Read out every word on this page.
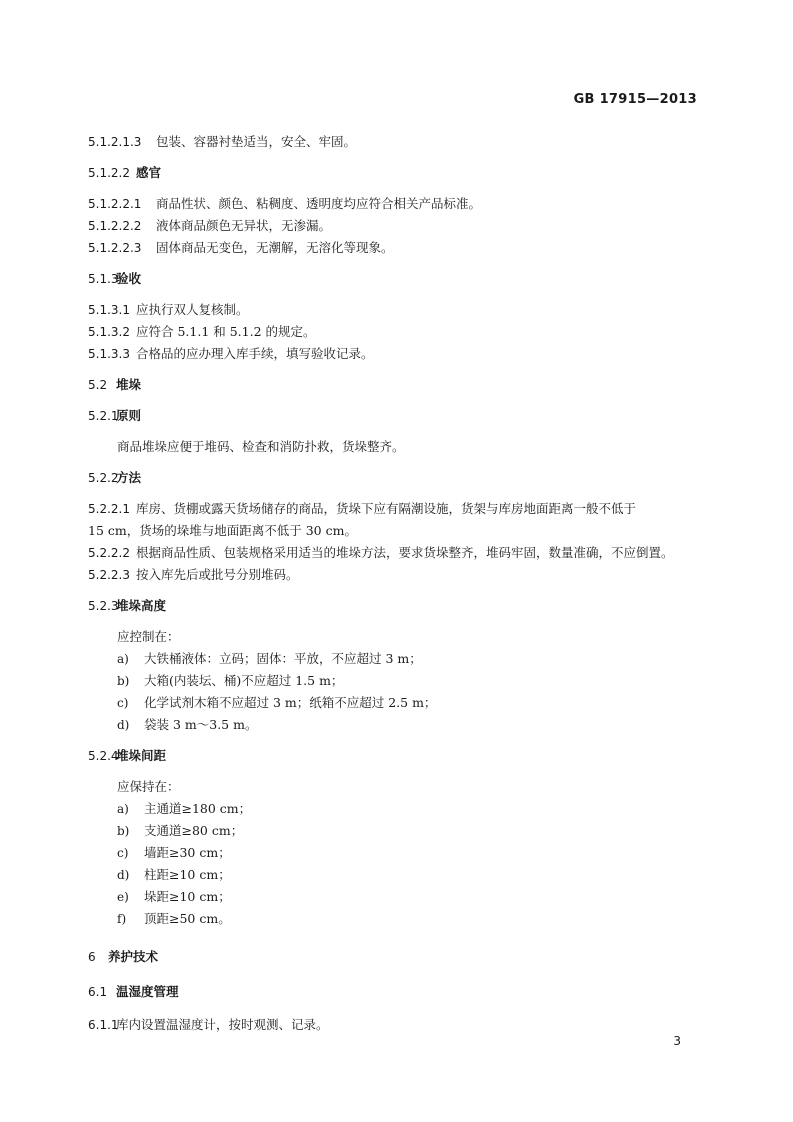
GB 17915—2013
5.1.2.1.3 包装、容器衬垫适当，安全、牢固。
5.1.2.2 感官
5.1.2.2.1 商品性状、颜色、粘稠度、透明度均应符合相关产品标准。
5.1.2.2.2 液体商品颜色无异状，无渗漏。
5.1.2.2.3 固体商品无变色，无潮解，无溶化等现象。
5.1.3验收
5.1.3.1 应执行双人复核制。
5.1.3.2 应符合 5.1.1 和 5.1.2 的规定。
5.1.3.3 合格品的应办理入库手续，填写验收记录。
5.2 堆垛
5.2.1原则
商品堆垛应便于堆码、检查和消防扑救，货垛整齐。
5.2.2方法
5.2.2.1 库房、货棚或露天货场储存的商品，货垛下应有隔潮设施，货架与库房地面距离一般不低于
15 cm，货场的垛堆与地面距离不低于 30 cm。
5.2.2.2 根据商品性质、包装规格采用适当的堆垛方法，要求货垛整齐，堆码牢固，数量准确，不应倒置。
5.2.2.3 按入库先后或批号分别堆码。
5.2.3堆垛高度
应控制在：
a) 大铁桶液体：立码；固体：平放，不应超过 3 m；
b) 大箱(内装坛、桶)不应超过 1.5 m；
c) 化学试剂木箱不应超过 3 m；纸箱不应超过 2.5 m；
d) 袋装 3 m～3.5 m。
5.2.4堆垛间距
应保持在：
a) 主通道≥180 cm；
b) 支通道≥80 cm；
c) 墙距≥30 cm；
d) 柱距≥10 cm；
e) 垛距≥10 cm；
f) 顶距≥50 cm。
6 养护技术
6.1 温湿度管理
6.1.1库内设置温湿度计，按时观测、记录。
3
